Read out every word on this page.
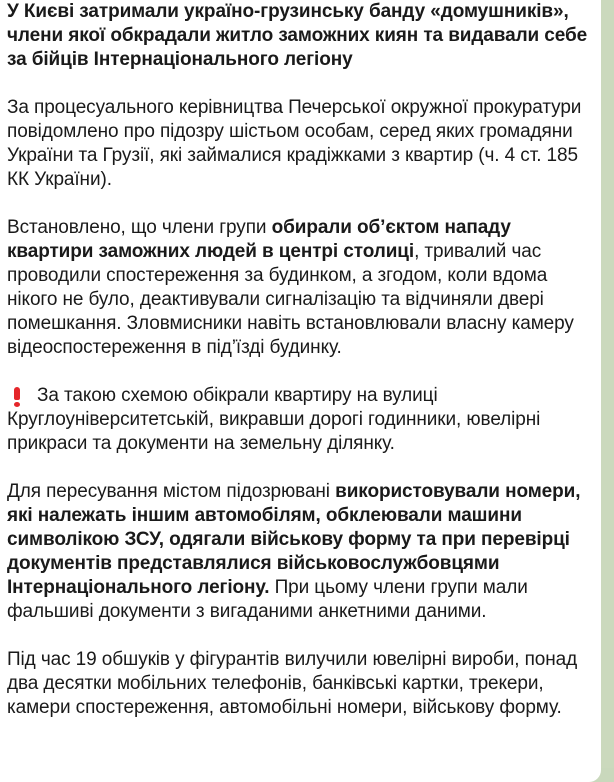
У Києві затримали україно-грузинську банду «домушників», члени якої обкрадали житло заможних киян та видавали себе за бійців Інтернаціонального легіону

За процесуального керівництва Печерської окружної прокуратури повідомлено про підозру шістьом особам, серед яких громадяни України та Грузії, які займалися крадіжками з квартир (ч. 4 ст. 185 КК України).

Встановлено, що члени групи обирали об’єктом нападу квартири заможних людей в центрі столиці, тривалий час проводили спостереження за будинком, а згодом, коли вдома нікого не було, деактивували сигналізацію та відчиняли двері помешкання. Зловмисники навіть встановлювали власну камеру відеоспостереження в під’їзді будинку.

За такою схемою обікрали квартиру на вулиці Круглоуніверситетській, викравши дорогі годинники, ювелірні прикраси та документи на земельну ділянку.

Для пересування містом підозрювані використовували номери, які належать іншим автомобілям, обклеювали машини символікою ЗСУ, одягали військову форму та при перевірці документів представлялися військовослужбовцями Інтернаціонального легіону. При цьому члени групи мали фальшиві документи з вигаданими анкетними даними.

Під час 19 обшуків у фігурантів вилучили ювелірні вироби, понад два десятки мобільних телефонів, банківські картки, трекери, камери спостереження, автомобільні номери, військову форму.
